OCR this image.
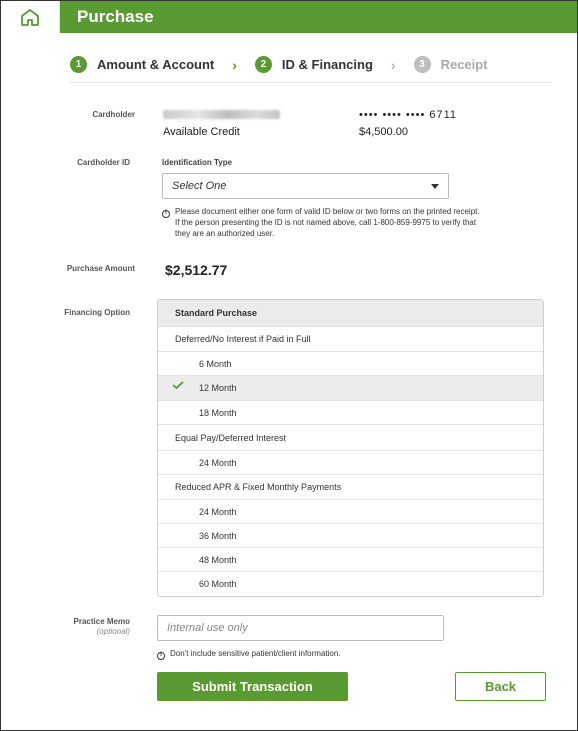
Purchase
1	Amount & Account ›	2	ID & Financing ›	3	Receipt
Cardholder	•••• •••• •••• 6711
Available Credit	$4,500.00
Cardholder ID	Identification Type
Select One
i	Please document either one form of valid ID below or two forms on the printed receipt. If the person presenting the ID is not named above, call 1-800-859-9975 to verify that they are an authorized user.
Purchase Amount $2,512.77
Financing Option	Standard Purchase
Deferred/No Interest if Paid in Full
6 Month
12 Month
18 Month
Equal Pay/Deferred Interest
24 Month
Reduced APR & Fixed Monthly Payments
24 Month
36 Month
48 Month
60 Month
Practice Memo
(optional)
Internal use only
i	Don't include sensitive patient/client information.
Submit Transaction	Back
